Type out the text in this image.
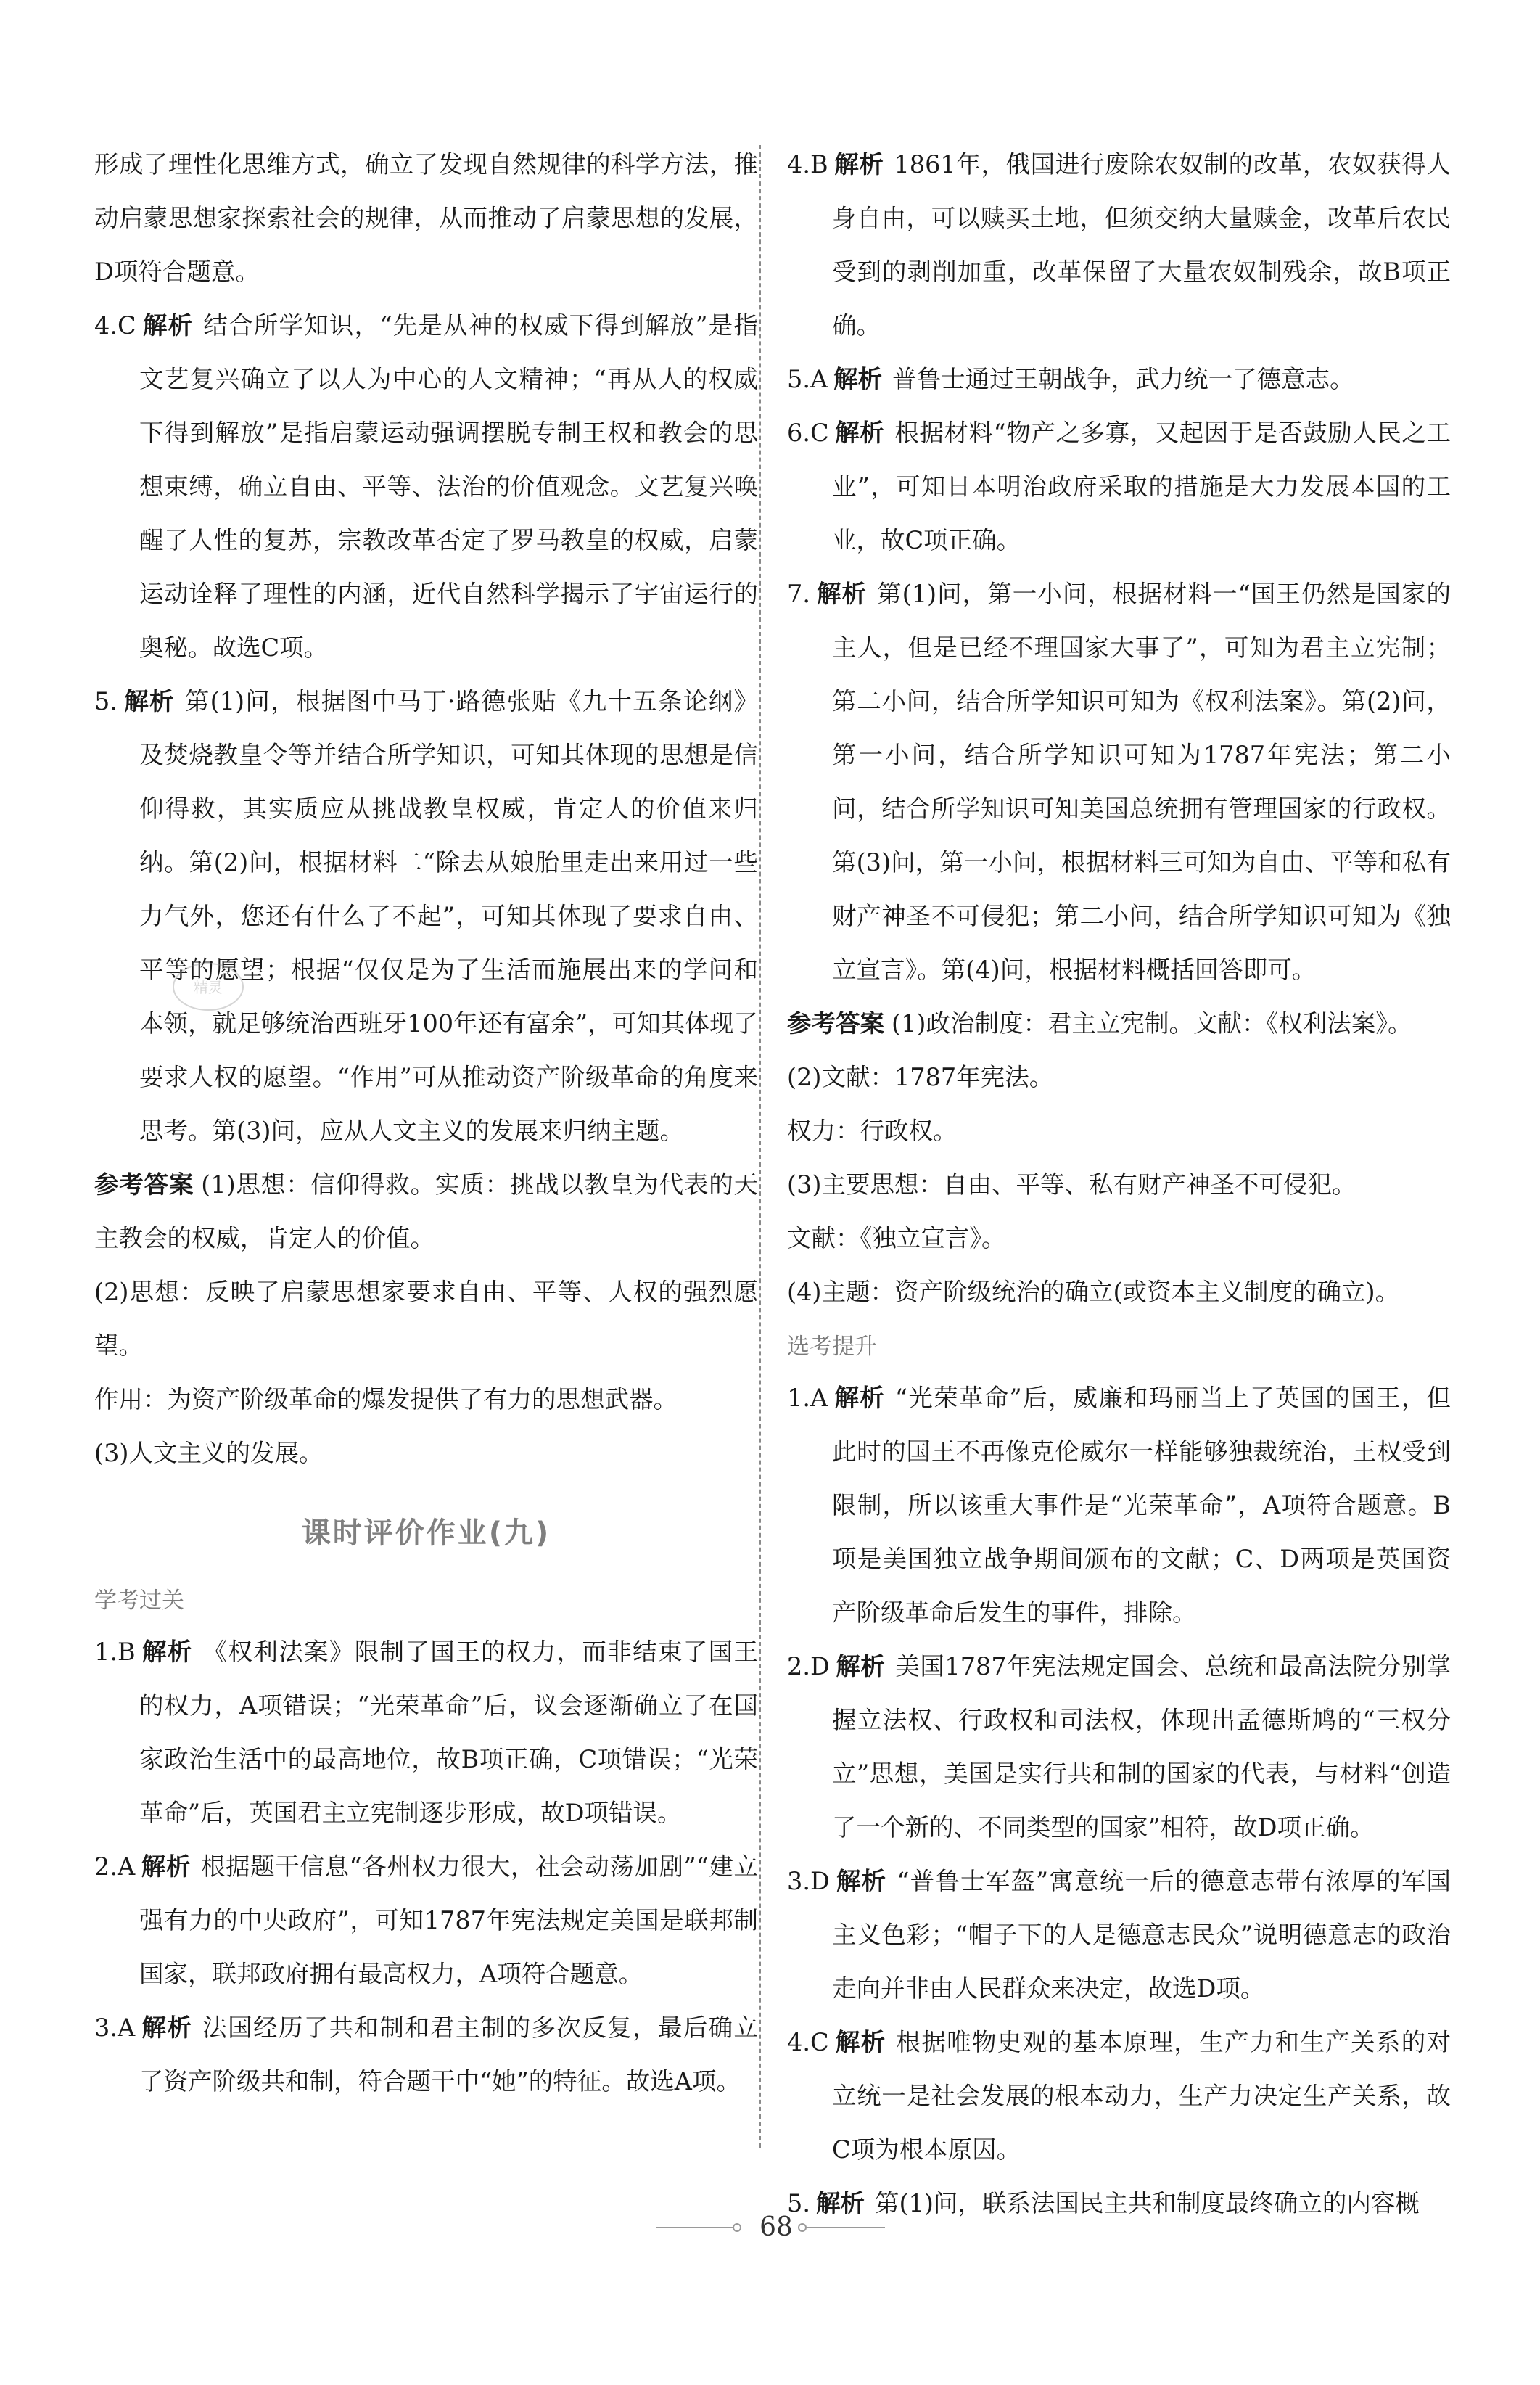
形成了理性化思维方式，确立了发现自然规律的科学方法，推动启蒙思想家探索社会的规律，从而推动了启蒙思想的发展，D项符合题意。

4.C 解析 结合所学知识，“先是从神的权威下得到解放”是指文艺复兴确立了以人为中心的人文精神；“再从人的权威下得到解放”是指启蒙运动强调摆脱专制王权和教会的思想束缚，确立自由、平等、法治的价值观念。文艺复兴唤醒了人性的复苏，宗教改革否定了罗马教皇的权威，启蒙运动诠释了理性的内涵，近代自然科学揭示了宇宙运行的奥秘。故选C项。

5. 解析 第(1)问，根据图中马丁·路德张贴《九十五条论纲》及焚烧教皇令等并结合所学知识，可知其体现的思想是信仰得救，其实质应从挑战教皇权威，肯定人的价值来归纳。第(2)问，根据材料二“除去从娘胎里走出来用过一些力气外，您还有什么了不起”，可知其体现了要求自由、平等的愿望；根据“仅仅是为了生活而施展出来的学问和本领，就足够统治西班牙100年还有富余”，可知其体现了要求人权的愿望。“作用”可从推动资产阶级革命的角度来思考。第(3)问，应从人文主义的发展来归纳主题。

参考答案 (1)思想：信仰得救。实质：挑战以教皇为代表的天主教会的权威，肯定人的价值。

(2)思想：反映了启蒙思想家要求自由、平等、人权的强烈愿望。

作用：为资产阶级革命的爆发提供了有力的思想武器。

(3)人文主义的发展。

课时评价作业(九)
学考过关

1.B 解析 《权利法案》限制了国王的权力，而非结束了国王的权力，A项错误；“光荣革命”后，议会逐渐确立了在国家政治生活中的最高地位，故B项正确，C项错误；“光荣革命”后，英国君主立宪制逐步形成，故D项错误。

2.A 解析 根据题干信息“各州权力很大，社会动荡加剧”“建立强有力的中央政府”，可知1787年宪法规定美国是联邦制国家，联邦政府拥有最高权力，A项符合题意。

3.A 解析 法国经历了共和制和君主制的多次反复，最后确立了资产阶级共和制，符合题干中“她”的特征。故选A项。

精灵

4.B 解析 1861年，俄国进行废除农奴制的改革，农奴获得人身自由，可以赎买土地，但须交纳大量赎金，改革后农民受到的剥削加重，改革保留了大量农奴制残余，故B项正确。

5.A 解析 普鲁士通过王朝战争，武力统一了德意志。

6.C 解析 根据材料“物产之多寡，又起因于是否鼓励人民之工业”，可知日本明治政府采取的措施是大力发展本国的工业，故C项正确。

7. 解析 第(1)问，第一小问，根据材料一“国王仍然是国家的主人，但是已经不理国家大事了”，可知为君主立宪制；第二小问，结合所学知识可知为《权利法案》。第(2)问，第一小问，结合所学知识可知为1787年宪法；第二小问，结合所学知识可知美国总统拥有管理国家的行政权。第(3)问，第一小问，根据材料三可知为自由、平等和私有财产神圣不可侵犯；第二小问，结合所学知识可知为《独立宣言》。第(4)问，根据材料概括回答即可。

参考答案 (1)政治制度：君主立宪制。文献：《权利法案》。

(2)文献：1787年宪法。

权力：行政权。

(3)主要思想：自由、平等、私有财产神圣不可侵犯。

文献：《独立宣言》。

(4)主题：资产阶级统治的确立(或资本主义制度的确立)。

选考提升

1.A 解析 “光荣革命”后，威廉和玛丽当上了英国的国王，但此时的国王不再像克伦威尔一样能够独裁统治，王权受到限制，所以该重大事件是“光荣革命”，A项符合题意。B项是美国独立战争期间颁布的文献；C、D两项是英国资产阶级革命后发生的事件，排除。

2.D 解析 美国1787年宪法规定国会、总统和最高法院分别掌握立法权、行政权和司法权，体现出孟德斯鸠的“三权分立”思想，美国是实行共和制的国家的代表，与材料“创造了一个新的、不同类型的国家”相符，故D项正确。

3.D 解析 “普鲁士军盔”寓意统一后的德意志带有浓厚的军国主义色彩；“帽子下的人是德意志民众”说明德意志的政治走向并非由人民群众来决定，故选D项。

4.C 解析 根据唯物史观的基本原理，生产力和生产关系的对立统一是社会发展的根本动力，生产力决定生产关系，故C项为根本原因。

5. 解析 第(1)问，联系法国民主共和制度最终确立的内容概

68
